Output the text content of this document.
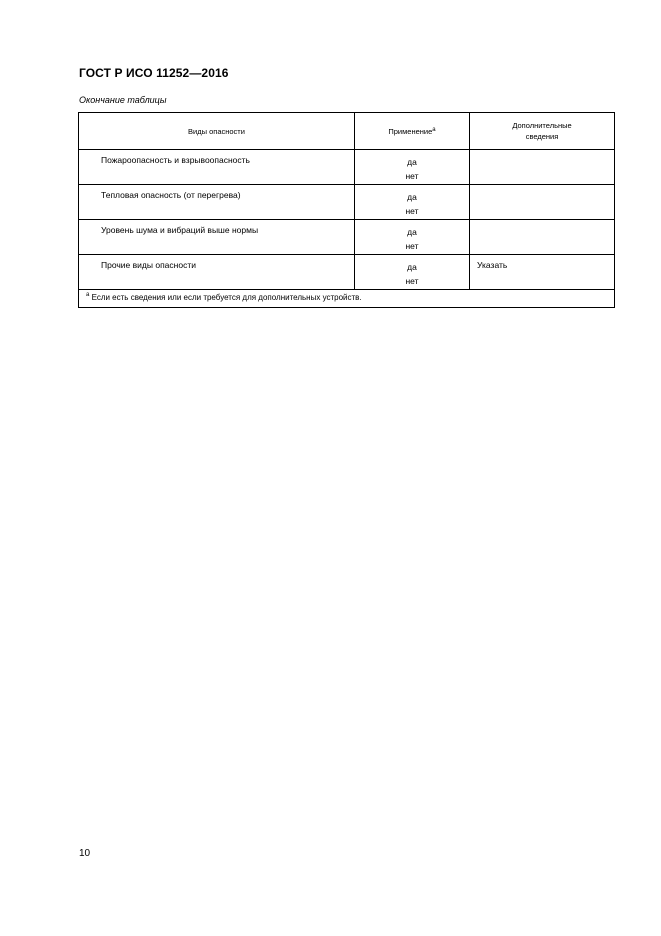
ГОСТ Р ИСО 11252—2016
Окончание таблицы
Виды опасности	Применение$^а$	Дополнительные
сведения
Пожароопасность и взрывоопасность	да
нет	

Тепловая опасность (от перегрева)	да
нет	

Уровень шума и вибраций выше нормы	да
нет	

Прочие виды опасности	да
нет	Указать
$^а$ Если есть сведения или если требуется для дополнительных устройств.		
10
